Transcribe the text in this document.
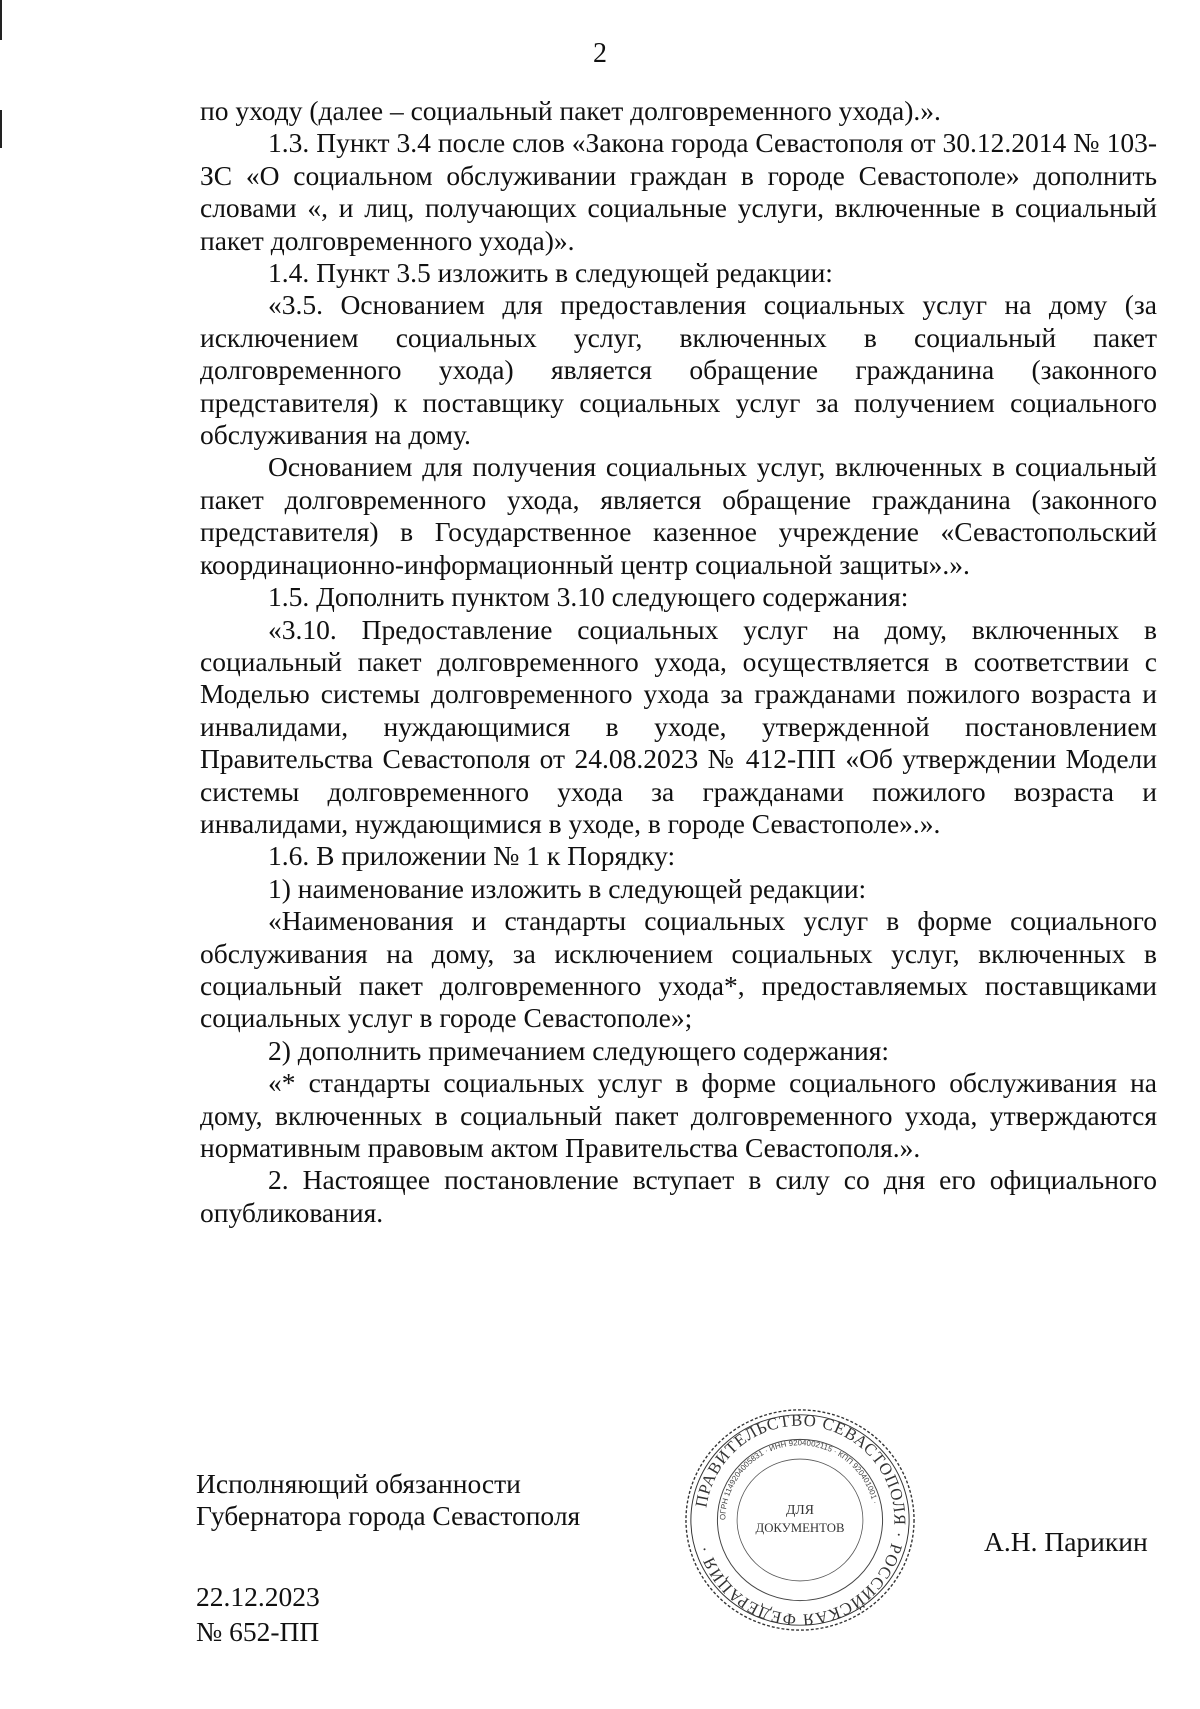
2

по уходу (далее – социальный пакет долговременного ухода).».

1.3. Пункт 3.4 после слов «Закона города Севастополя от 30.12.2014 № 103-ЗС «О социальном обслуживании граждан в городе Севастополе» дополнить словами «, и лиц, получающих социальные услуги, включенные в социальный пакет долговременного ухода)».

1.4. Пункт 3.5 изложить в следующей редакции:

«3.5. Основанием для предоставления социальных услуг на дому (за исключением социальных услуг, включенных в социальный пакет долговременного ухода) является обращение гражданина (законного представителя) к поставщику социальных услуг за получением социального обслуживания на дому.

Основанием для получения социальных услуг, включенных в социальный пакет долговременного ухода, является обращение гражданина (законного представителя) в Государственное казенное учреждение «Севастопольский координационно-информационный центр социальной защиты».».

1.5. Дополнить пунктом 3.10 следующего содержания:

«3.10. Предоставление социальных услуг на дому, включенных в социальный пакет долговременного ухода, осуществляется в соответствии с Моделью системы долговременного ухода за гражданами пожилого возраста и инвалидами, нуждающимися в уходе, утвержденной постановлением Правительства Севастополя от 24.08.2023 № 412-ПП «Об утверждении Модели системы долговременного ухода за гражданами пожилого возраста и инвалидами, нуждающимися в уходе, в городе Севастополе».».

1.6. В приложении № 1 к Порядку:

1) наименование изложить в следующей редакции:

«Наименования и стандарты социальных услуг в форме социального обслуживания на дому, за исключением социальных услуг, включенных в социальный пакет долговременного ухода*, предоставляемых поставщиками социальных услуг в городе Севастополе»;

2) дополнить примечанием следующего содержания:

«* стандарты социальных услуг в форме социального обслуживания на дому, включенных в социальный пакет долговременного ухода, утверждаются нормативным правовым актом Правительства Севастополя.».

2. Настоящее постановление вступает в силу со дня его официального опубликования.

ПРАВИТЕЛЬСТВО СЕВАСТОПОЛЯ · РОССИЙСКАЯ ФЕДЕРАЦИЯ ·
ОГРН 1149204005831 · ИНН 9204002115 · КПП 920401001 ·
ДЛЯ
ДОКУМЕНТОВ
Исполняющий обязанности
Губернатора города Севастополя
А.Н. Парикин
22.12.2023
№ 652-ПП
